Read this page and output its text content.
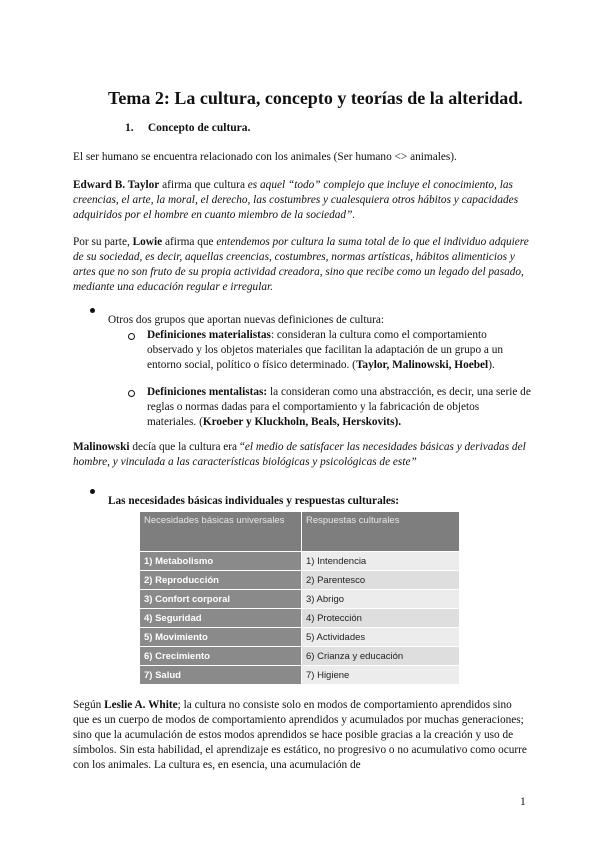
Tema 2: La cultura, concepto y teorías de la alteridad.
1. Concepto de cultura.

El ser humano se encuentra relacionado con los animales (Ser humano <> animales).

Edward B. Taylor afirma que cultura es aquel “todo” complejo que incluye el conocimiento, las creencias, el arte, la moral, el derecho, las costumbres y cualesquiera otros hábitos y capacidades adquiridos por el hombre en cuanto miembro de la sociedad”.

Por su parte, Lowie afirma que entendemos por cultura la suma total de lo que el individuo adquiere de su sociedad, es decir, aquellas creencias, costumbres, normas artísticas, hábitos alimenticios y artes que no son fruto de su propia actividad creadora, sino que recibe como un legado del pasado, mediante una educación regular e irregular.

Otros dos grupos que aportan nuevas definiciones de cultura:

Definiciones materialistas: consideran la cultura como el comportamiento observado y los objetos materiales que facilitan la adaptación de un grupo a un entorno social, político o físico determinado. (Taylor, Malinowski, Hoebel).

Definiciones mentalistas: la consideran como una abstracción, es decir, una serie de reglas o normas dadas para el comportamiento y la fabricación de objetos materiales. (Kroeber y Kluckholn, Beals, Herskovits).

Malinowski decía que la cultura era “el medio de satisfacer las necesidades básicas y derivadas del hombre, y vinculada a las características biológicas y psicológicas de este”

Las necesidades básicas individuales y respuestas culturales:

Necesidades básicas universales	Respuestas culturales
1) Metabolismo	1) Intendencia
2) Reproducción	2) Parentesco
3) Confort corporal	3) Abrigo
4) Seguridad	4) Protección
5) Movimiento	5) Actividades
6) Crecimiento	6) Crianza y educación
7) Salud	7) Higiene

Según Leslie A. White; la cultura no consiste solo en modos de comportamiento aprendidos sino que es un cuerpo de modos de comportamiento aprendidos y acumulados por muchas generaciones; sino que la acumulación de estos modos aprendidos se hace posible gracias a la creación y uso de símbolos. Sin esta habilidad, el aprendizaje es estático, no progresivo o no acumulativo como ocurre con los animales. La cultura es, en esencia, una acumulación de

1
